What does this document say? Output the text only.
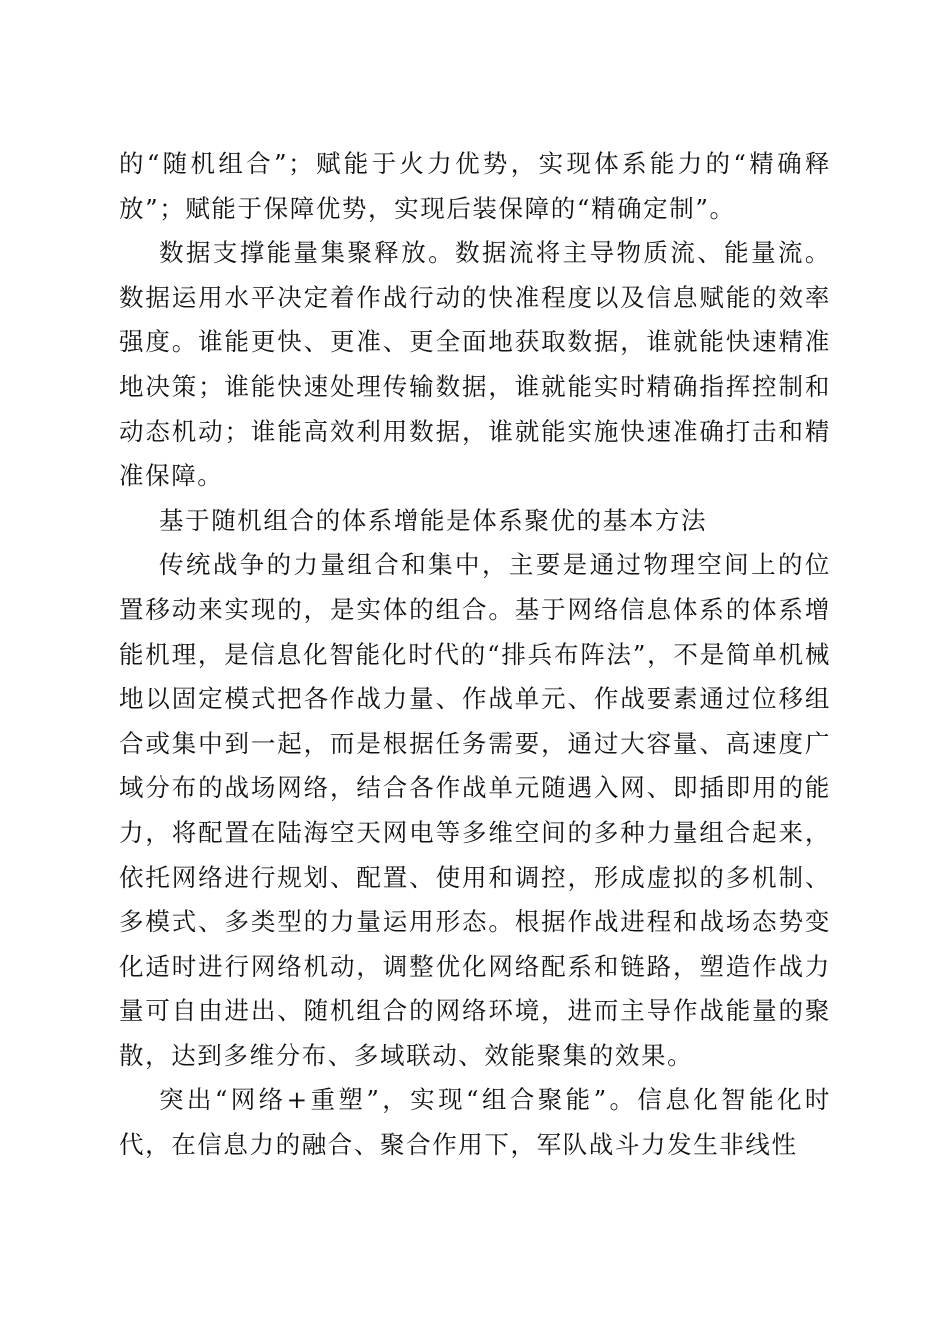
的“随机组合”；赋能于火力优势，实现体系能力的“精确释放”；赋能于保障优势，实现后装保障的“精确定制”。

数据支撑能量集聚释放。数据流将主导物质流、能量流。数据运用水平决定着作战行动的快准程度以及信息赋能的效率强度。谁能更快、更准、更全面地获取数据，谁就能快速精准地决策；谁能快速处理传输数据，谁就能实时精确指挥控制和动态机动；谁能高效利用数据，谁就能实施快速准确打击和精准保障。

基于随机组合的体系增能是体系聚优的基本方法

传统战争的力量组合和集中，主要是通过物理空间上的位置移动来实现的，是实体的组合。基于网络信息体系的体系增能机理，是信息化智能化时代的“排兵布阵法”，不是简单机械地以固定模式把各作战力量、作战单元、作战要素通过位移组合或集中到一起，而是根据任务需要，通过大容量、高速度广域分布的战场网络，结合各作战单元随遇入网、即插即用的能力，将配置在陆海空天网电等多维空间的多种力量组合起来，依托网络进行规划、配置、使用和调控，形成虚拟的多机制、多模式、多类型的力量运用形态。根据作战进程和战场态势变化适时进行网络机动，调整优化网络配系和链路，塑造作战力量可自由进出、随机组合的网络环境，进而主导作战能量的聚散，达到多维分布、多域联动、效能聚集的效果。

突出“网络+重塑”，实现“组合聚能”。信息化智能化时代，在信息力的融合、聚合作用下，军队战斗力发生非线性
